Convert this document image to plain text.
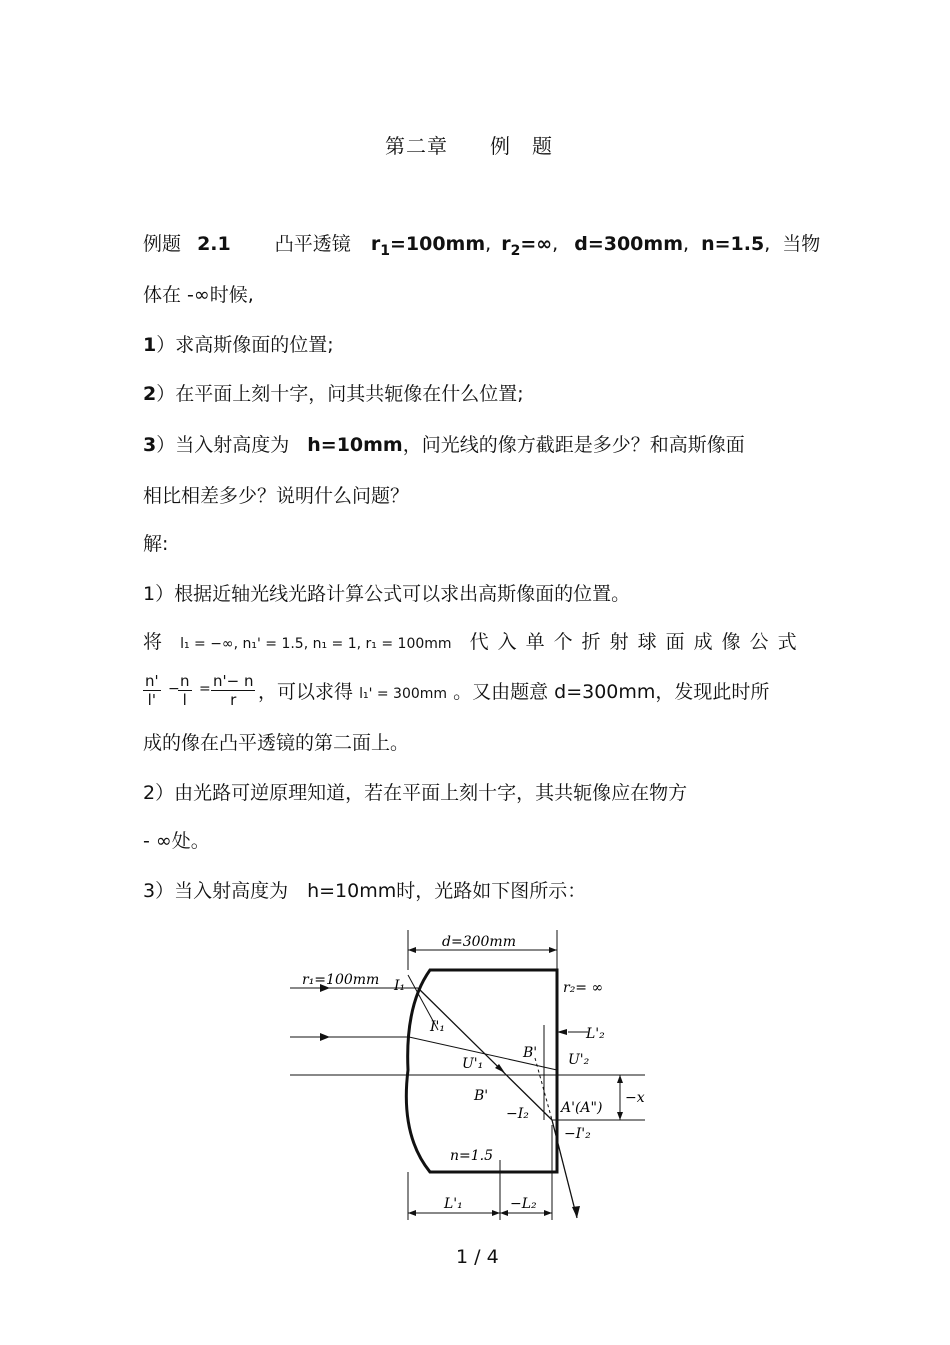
第二章　　例　题
例题 2.1 凸平透镜 $r_1=100mm$, $r_2=\infty$, d=300mm, n=1.5, 当物
体在 -∞时候,
1）求高斯像面的位置;
2）在平面上刻十字，问其共轭像在什么位置;
3）当入射高度为 h=10mm，问光线的像方截距是多少？和高斯像面
相比相差多少？说明什么问题？
解:
1）根据近轴光线光路计算公式可以求出高斯像面的位置。
将 l₁ = −∞, n₁' = 1.5, n₁ = 1, r₁ = 100mm 代入单个折射球面成像公式
$\frac{n'}{l'}$ −
$\frac{n}{l} = \frac{n'- n}{r}$ ，可以求得 l₁' = 300mm 。又由题意 d=300mm，发现此时所
成的像在凸平透镜的第二面上。
2）由光路可逆原理知道，若在平面上刻十字，其共轭像应在物方
- ∞处。
3）当入射高度为　h=10mm时，光路如下图所示：
d=300mm
r₁=100mm I₁
I'₁
U'₁
B' U'₂
r₂= ∞
L'₂
B'
−I₂ A'(A")
−x
−I'₂
n=1.5
L'₁	−L₂
1 / 4
